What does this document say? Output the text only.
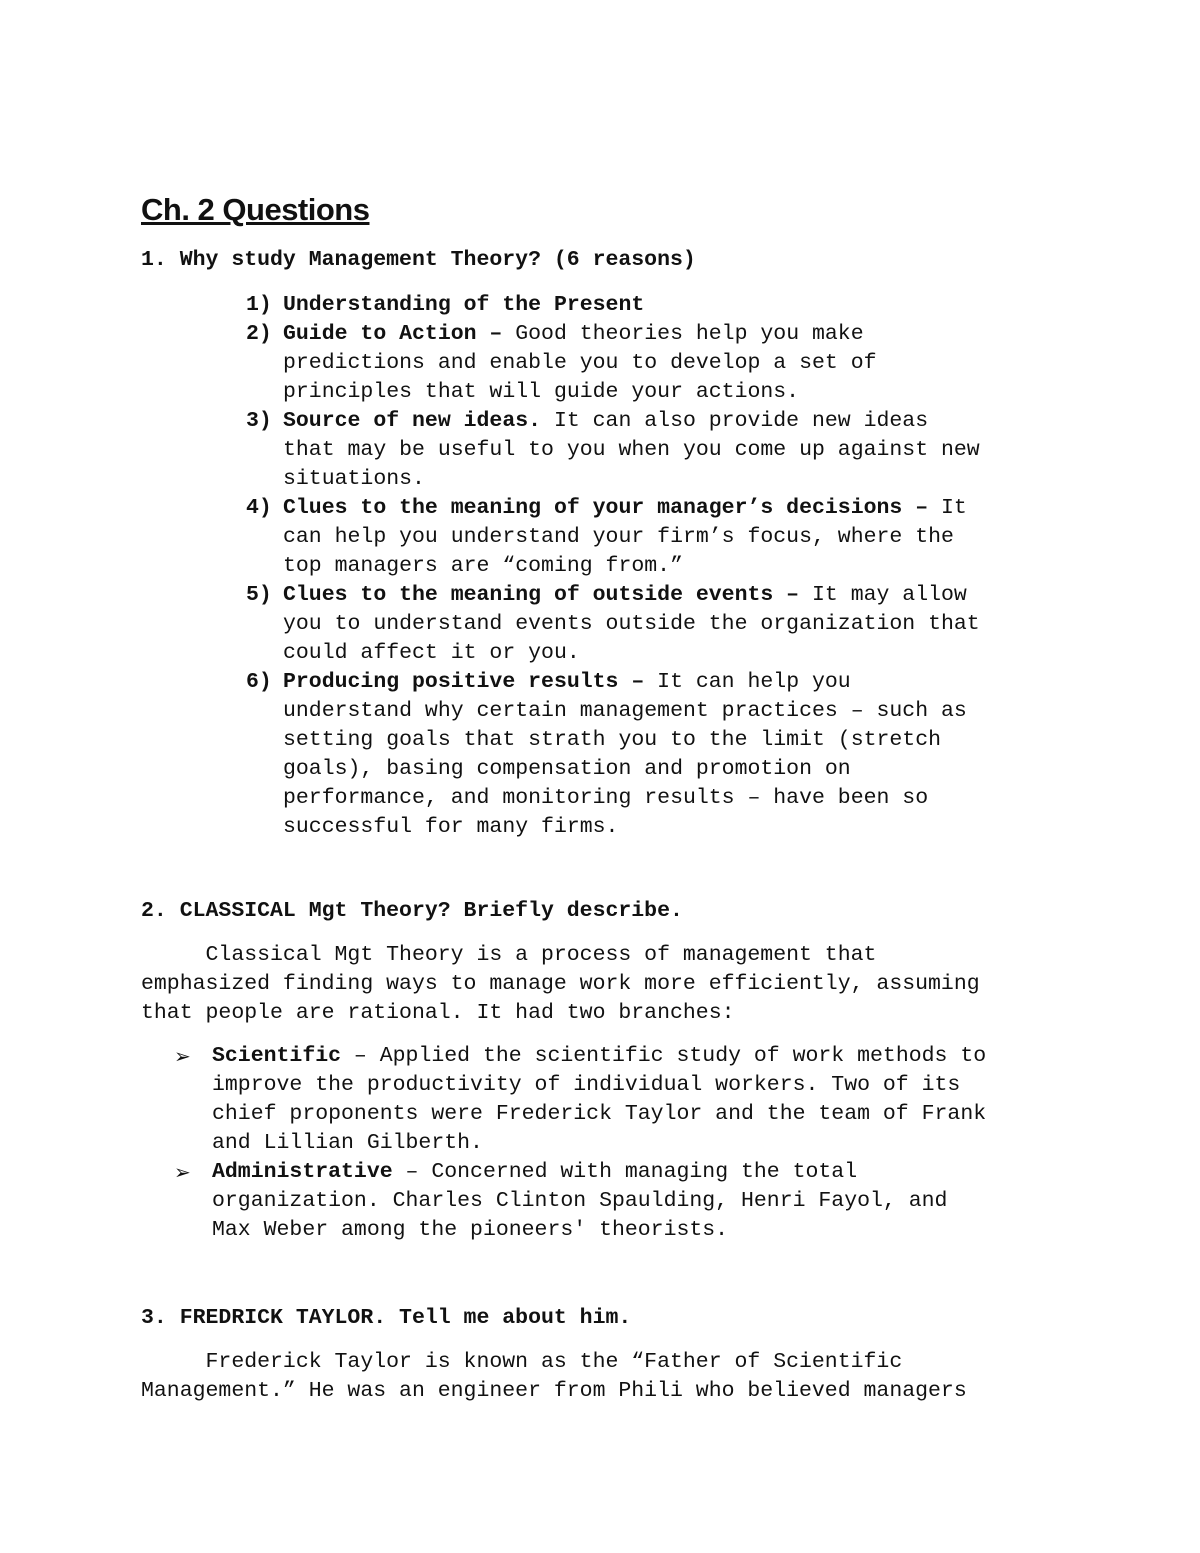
Ch. 2 Questions
1. Why study Management Theory? (6 reasons)
1) Understanding of the Present
2) Guide to Action – Good theories help you make
predictions and enable you to develop a set of
principles that will guide your actions.
3) Source of new ideas. It can also provide new ideas
that may be useful to you when you come up against new
situations.
4) Clues to the meaning of your manager’s decisions – It
can help you understand your firm’s focus, where the
top managers are “coming from.”
5) Clues to the meaning of outside events – It may allow
you to understand events outside the organization that
could affect it or you.
6) Producing positive results – It can help you
understand why certain management practices – such as
setting goals that strath you to the limit (stretch
goals), basing compensation and promotion on
performance, and monitoring results – have been so
successful for many firms.
2. CLASSICAL Mgt Theory? Briefly describe.
Classical Mgt Theory is a process of management that
emphasized finding ways to manage work more efficiently, assuming
that people are rational. It had two branches:
➢ Scientific – Applied the scientific study of work methods to
improve the productivity of individual workers. Two of its
chief proponents were Frederick Taylor and the team of Frank
and Lillian Gilberth.
➢ Administrative – Concerned with managing the total
organization. Charles Clinton Spaulding, Henri Fayol, and
Max Weber among the pioneers' theorists.
3. FREDRICK TAYLOR. Tell me about him.
Frederick Taylor is known as the “Father of Scientific
Management.” He was an engineer from Phili who believed managers
